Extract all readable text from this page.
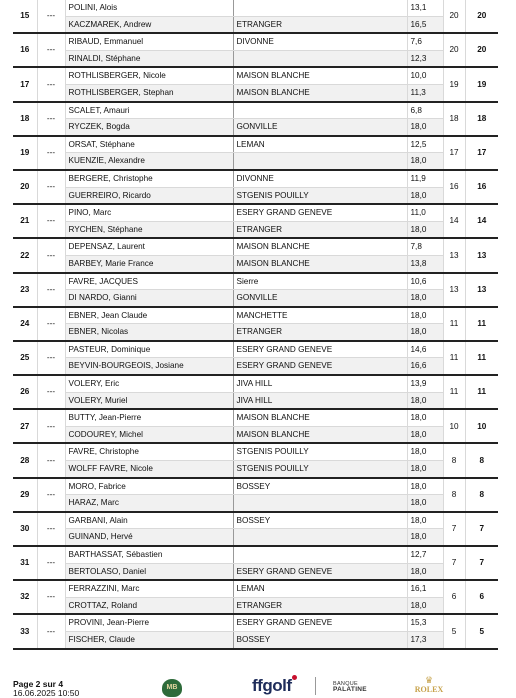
15	---	POLINI, Alois		13,1	20	20
		KACZMAREK, Andrew	ETRANGER	16,5		
16	---	RIBAUD, Emmanuel	DIVONNE	7,6	20	20
		RINALDI, Stéphane		12,3		
17	---	ROTHLISBERGER, Nicole	MAISON BLANCHE	10,0	19	19
		ROTHLISBERGER, Stephan	MAISON BLANCHE	11,3		
18	---	SCALET, Amauri		6,8	18	18
		RYCZEK, Bogda	GONVILLE	18,0		
19	---	ORSAT, Stéphane	LEMAN	12,5	17	17
		KUENZIE, Alexandre		18,0		
20	---	BERGERE, Christophe	DIVONNE	11,9	16	16
		GUERREIRO, Ricardo	STGENIS POUILLY	18,0		
21	---	PINO, Marc	ESERY GRAND GENEVE	11,0	14	14
		RYCHEN, Stéphane	ETRANGER	18,0		
22	---	DEPENSAZ, Laurent	MAISON BLANCHE	7,8	13	13
		BARBEY, Marie France	MAISON BLANCHE	13,8		
23	---	FAVRE, JACQUES	Sierre	10,6	13	13
		DI NARDO, Gianni	GONVILLE	18,0		
24	---	EBNER, Jean Claude	MANCHETTE	18,0	11	11
		EBNER, Nicolas	ETRANGER	18,0		
25	---	PASTEUR, Dominique	ESERY GRAND GENEVE	14,6	11	11
		BEYVIN-BOURGEOIS, Josiane	ESERY GRAND GENEVE	16,6		
26	---	VOLERY, Eric	JIVA HILL	13,9	11	11
		VOLERY, Muriel	JIVA HILL	18,0		
27	---	BUTTY, Jean-Pierre	MAISON BLANCHE	18,0	10	10
		CODOUREY, Michel	MAISON BLANCHE	18,0		
28	---	FAVRE, Christophe	STGENIS POUILLY	18,0	8	8
		WOLFF FAVRE, Nicole	STGENIS POUILLY	18,0		
29	---	MORO, Fabrice	BOSSEY	18,0	8	8
		HARAZ, Marc		18,0		
30	---	GARBANI, Alain	BOSSEY	18,0	7	7
		GUINAND, Hervé		18,0		
31	---	BARTHASSAT, Sébastien		12,7	7	7
		BERTOLASO, Daniel	ESERY GRAND GENEVE	18,0		
32	---	FERRAZZINI, Marc	LEMAN	16,1	6	6
		CROTTAZ, Roland	ETRANGER	18,0		
33	---	PROVINI, Jean-Pierre	ESERY GRAND GENEVE	15,3	5	5
		FISCHER, Claude	BOSSEY	17,3		
Page 2 sur 4
16.06.2025 10:50
MB	ffgolf	BANQUE
PALATINE
♛
ROLEX
